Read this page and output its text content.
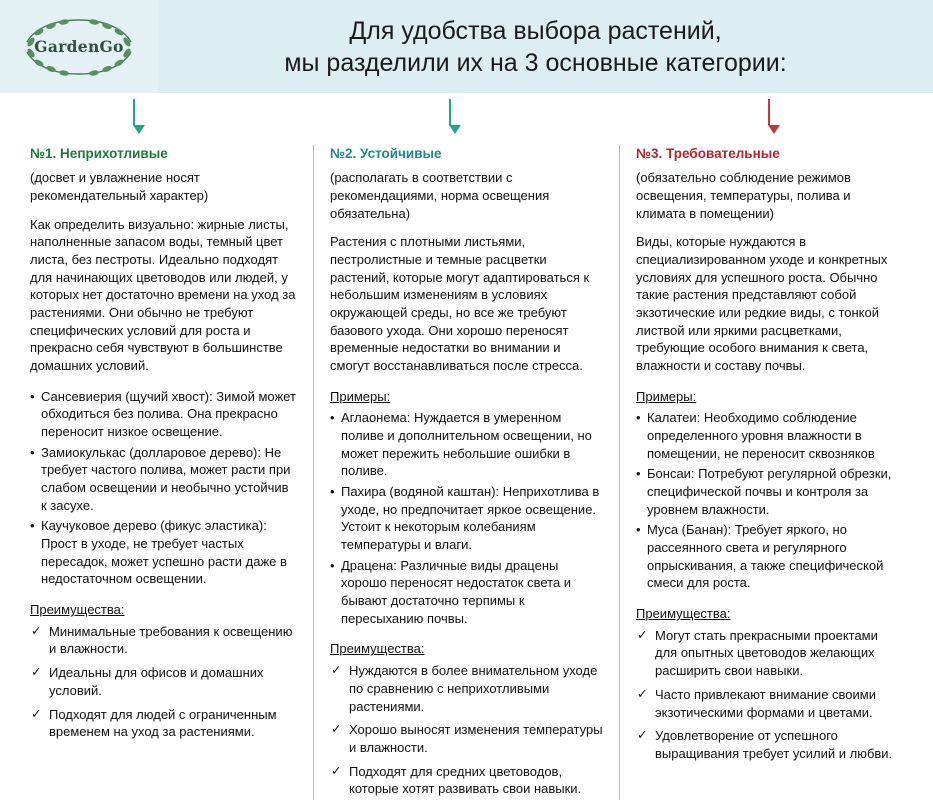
GardenGo
Для удобства выбора растений,
мы разделили их на 3 основные категории:
№1. Неприхотливые

(досвет и увлажнение носят рекомендательный характер)

Как определить визуально: жирные листы, наполненные запасом воды, темный цвет листа, без пестроты. Идеально подходят для начинающих цветоводов или людей, у которых нет достаточно времени на уход за растениями. Они обычно не требуют специфических условий для роста и прекрасно себя чувствуют в большинстве домашних условий.

• Сансевиерия (щучий хвост): Зимой может обходиться без полива. Она прекрасно переносит низкое освещение.
• Замиокулькас (долларовое дерево): Не требует частого полива, может расти при слабом освещении и необычно устойчив к засухе.
• Каучуковое дерево (фикус эластика): Прост в уходе, не требует частых пересадок, может успешно расти даже в недостаточном освещении.
Преимущества:
✓ Минимальные требования к освещению и влажности.
✓ Идеальны для офисов и домашних условий.
✓ Подходят для людей с ограниченным временем на уход за растениями.
№2. Устойчивые

(располагать в соответствии с рекомендациями, норма освещения обязательна)

Растения с плотными листьями, пестролистные и темные расцветки растений, которые могут адаптироваться к небольшим изменениям в условиях окружающей среды, но все же требуют базового ухода. Они хорошо переносят временные недостатки во внимании и смогут восстанавливаться после стресса.

Примеры:
• Аглаонема: Нуждается в умеренном поливе и дополнительном освещении, но может пережить небольшие ошибки в поливе.
• Пахира (водяной каштан): Неприхотлива в уходе, но предпочитает яркое освещение. Устоит к некоторым колебаниям температуры и влаги.
• Драцена: Различные виды драцены хорошо переносят недостаток света и бывают достаточно терпимы к пересыханию почвы.
Преимущества:
✓ Нуждаются в более внимательном уходе по сравнению с неприхотливыми растениями.
✓ Хорошо выносят изменения температуры и влажности.
✓ Подходят для средних цветоводов, которые хотят развивать свои навыки.
№3. Требовательные

(обязательно соблюдение режимов освещения, температуры, полива и климата в помещении)

Виды, которые нуждаются в специализированном уходе и конкретных условиях для успешного роста. Обычно такие растения представляют собой экзотические или редкие виды, с тонкой листвой или яркими расцветками, требующие особого внимания к света, влажности и составу почвы.

Примеры:
• Калатеи: Необходимо соблюдение определенного уровня влажности в помещении, не переносит сквозняков
• Бонсаи: Потребуют регулярной обрезки, специфической почвы и контроля за уровнем влажности.
• Муса (Банан): Требует яркого, но рассеянного света и регулярного опрыскивания, а также специфической смеси для роста.
Преимущества:
✓ Могут стать прекрасными проектами для опытных цветоводов желающих расширить свои навыки.
✓ Часто привлекают внимание своими экзотическими формами и цветами.
✓ Удовлетворение от успешного выращивания требует усилий и любви.
